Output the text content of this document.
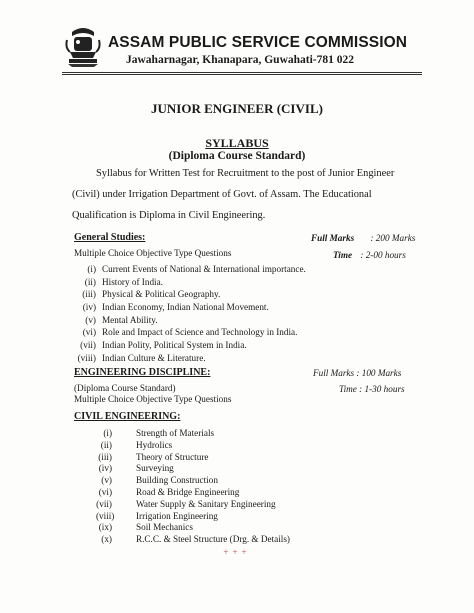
ASSAM PUBLIC SERVICE COMMISSION
Jawaharnagar, Khanapara, Guwahati-781 022
JUNIOR ENGINEER (CIVIL)
SYLLABUS
(Diploma Course Standard)
Syllabus for Written Test for Recruitment to the post of Junior Engineer
(Civil) under Irrigation Department of Govt. of Assam. The Educational
Qualification is Diploma in Civil Engineering.
General Studies:	Full Marks : 200 Marks
Multiple Choice Objective Type Questions	Time : 2-00 hours
(i) Current Events of National & International importance.
(ii) History of India.
(iii) Physical & Political Geography.
(iv) Indian Economy, Indian National Movement.
(v) Mental Ability.
(vi) Role and Impact of Science and Technology in India.
(vii) Indian Polity, Political System in India.
(viii) Indian Culture & Literature.
ENGINEERING DISCIPLINE:	Full Marks : 100 Marks
(Diploma Course Standard)	Time : 1-30 hours
Multiple Choice Objective Type Questions
CIVIL ENGINEERING:
(i)	Strength of Materials
(ii)	Hydrolics
(iii)	Theory of Structure
(iv)	Surveying
(v)	Building Construction
(vi)	Road & Bridge Engineering
(vii)	Water Supply & Sanitary Engineering
(viii) Irrigation Engineering
(ix)	Soil Mechanics
(x)	R.C.C. & Steel Structure (Drg. & Details)
+++
